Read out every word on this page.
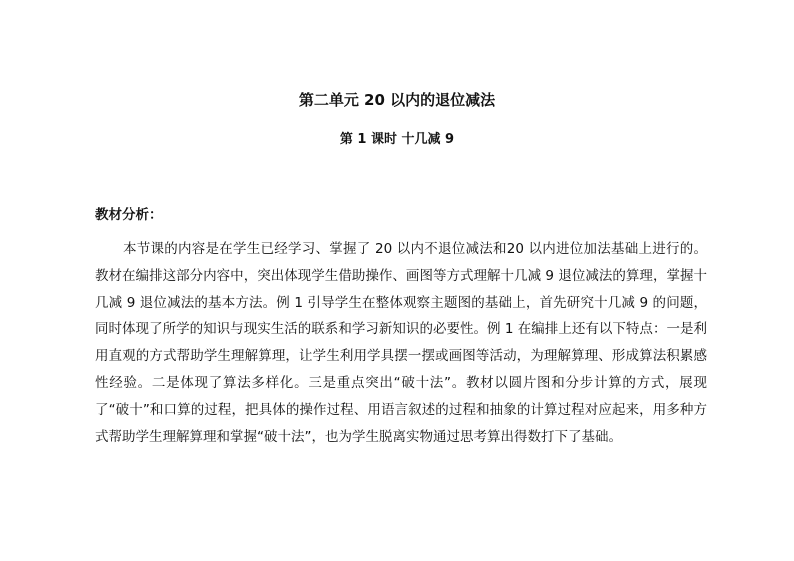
第二单元 20 以内的退位减法
第 1 课时 十几减 9
教材分析：

本节课的内容是在学生已经学习、掌握了 20 以内不退位减法和20 以内进位加法基础上进行的。教材在编排这部分内容中，突出体现学生借助操作、画图等方式理解十几减 9 退位减法的算理，掌握十几减 9 退位减法的基本方法。例 1 引导学生在整体观察主题图的基础上，首先研究十几减 9 的问题，同时体现了所学的知识与现实生活的联系和学习新知识的必要性。例 1 在编排上还有以下特点：一是利用直观的方式帮助学生理解算理，让学生利用学具摆一摆或画图等活动，为理解算理、形成算法积累感性经验。二是体现了算法多样化。三是重点突出“破十法”。教材以圆片图和分步计算的方式，展现了“破十”和口算的过程，把具体的操作过程、用语言叙述的过程和抽象的计算过程对应起来，用多种方式帮助学生理解算理和掌握“破十法”，也为学生脱离实物通过思考算出得数打下了基础。
